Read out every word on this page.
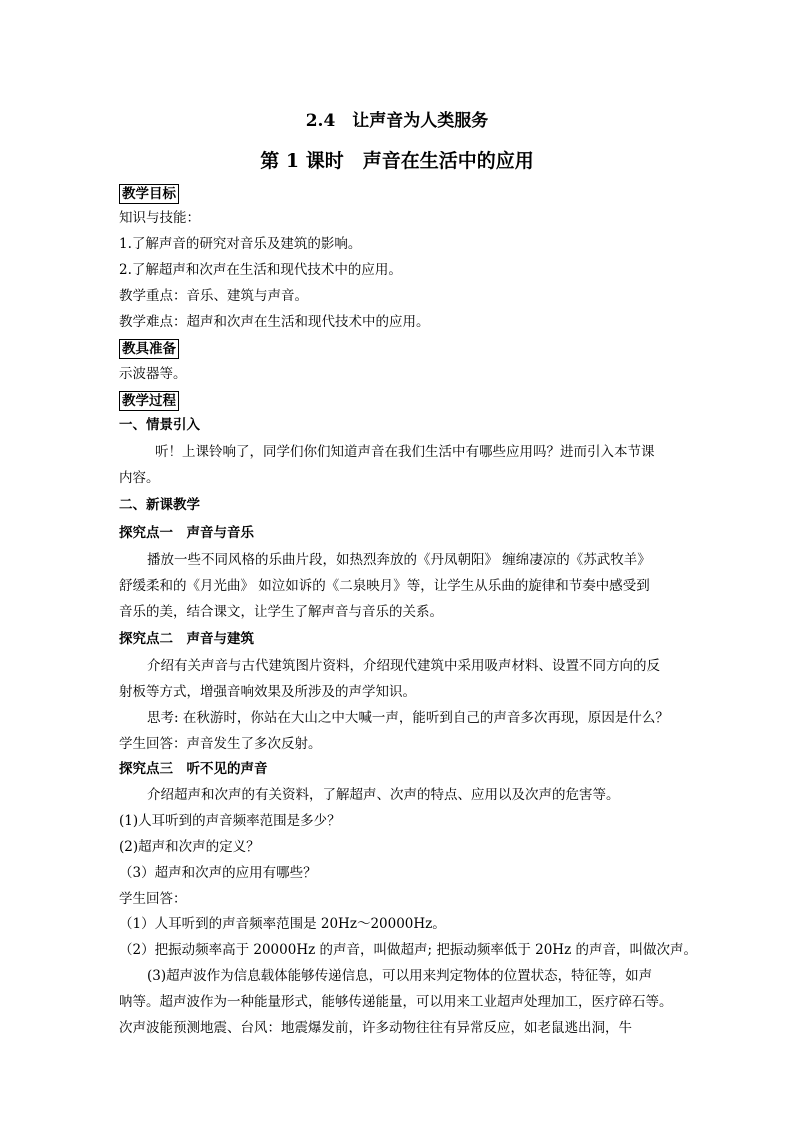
2.4　让声音为人类服务
第 1 课时　声音在生活中的应用
教学目标
知识与技能：
1.了解声音的研究对音乐及建筑的影响。
2.了解超声和次声在生活和现代技术中的应用。
教学重点：音乐、建筑与声音。
教学难点：超声和次声在生活和现代技术中的应用。
教具准备
示波器等。
教学过程
一、情景引入
听！上课铃响了，同学们你们知道声音在我们生活中有哪些应用吗？进而引入本节课
内容。
二、新课教学
探究点一　声音与音乐
播放一些不同风格的乐曲片段，如热烈奔放的《丹凤朝阳》 缠绵凄凉的《苏武牧羊》
舒缓柔和的《月光曲》 如泣如诉的《二泉映月》等，让学生从乐曲的旋律和节奏中感受到
音乐的美，结合课文，让学生了解声音与音乐的关系。
探究点二　声音与建筑
介绍有关声音与古代建筑图片资料，介绍现代建筑中采用吸声材料、设置不同方向的反
射板等方式，增强音响效果及所涉及的声学知识。
思考: 在秋游时，你站在大山之中大喊一声，能听到自己的声音多次再现，原因是什么？
学生回答：声音发生了多次反射。
探究点三　听不见的声音
介绍超声和次声的有关资料，了解超声、次声的特点、应用以及次声的危害等。
(1)人耳听到的声音频率范围是多少？
(2)超声和次声的定义？
（3）超声和次声的应用有哪些？
学生回答：
（1）人耳听到的声音频率范围是 20Hz～20000Hz。
（2）把振动频率高于 20000Hz 的声音，叫做超声; 把振动频率低于 20Hz 的声音，叫做次声。
(3)超声波作为信息载体能够传递信息，可以用来判定物体的位置状态，特征等，如声
呐等。超声波作为一种能量形式，能够传递能量，可以用来工业超声处理加工，医疗碎石等。
次声波能预测地震、台风：地震爆发前，许多动物往往有异常反应，如老鼠逃出洞，牛
